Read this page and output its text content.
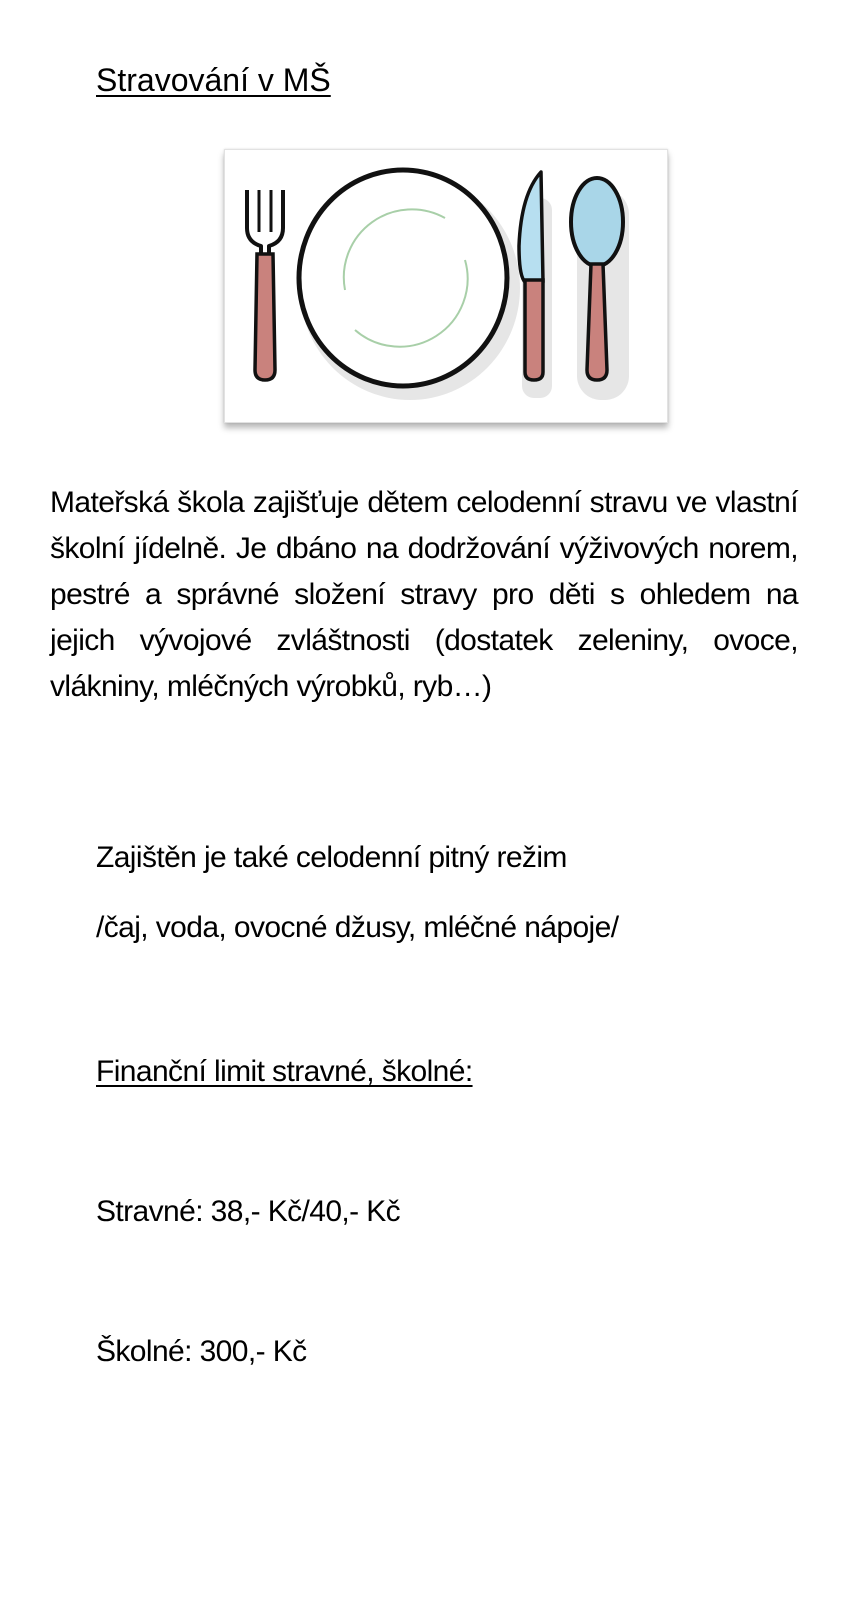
Stravování v MŠ

Mateřská škola zajišťuje dětem celodenní stravu ve vlastní školní jídelně. Je dbáno na dodržování výživových norem, pestré a správné složení stravy pro děti s ohledem na jejich vývojové zvláštnosti (dostatek zeleniny, ovoce, vlákniny, mléčných výrobků, ryb…)

Zajištěn je také celodenní pitný režim

/čaj, voda, ovocné džusy, mléčné nápoje/

Finanční limit stravné, školné:

Stravné: 38,- Kč/40,- Kč

Školné: 300,- Kč
